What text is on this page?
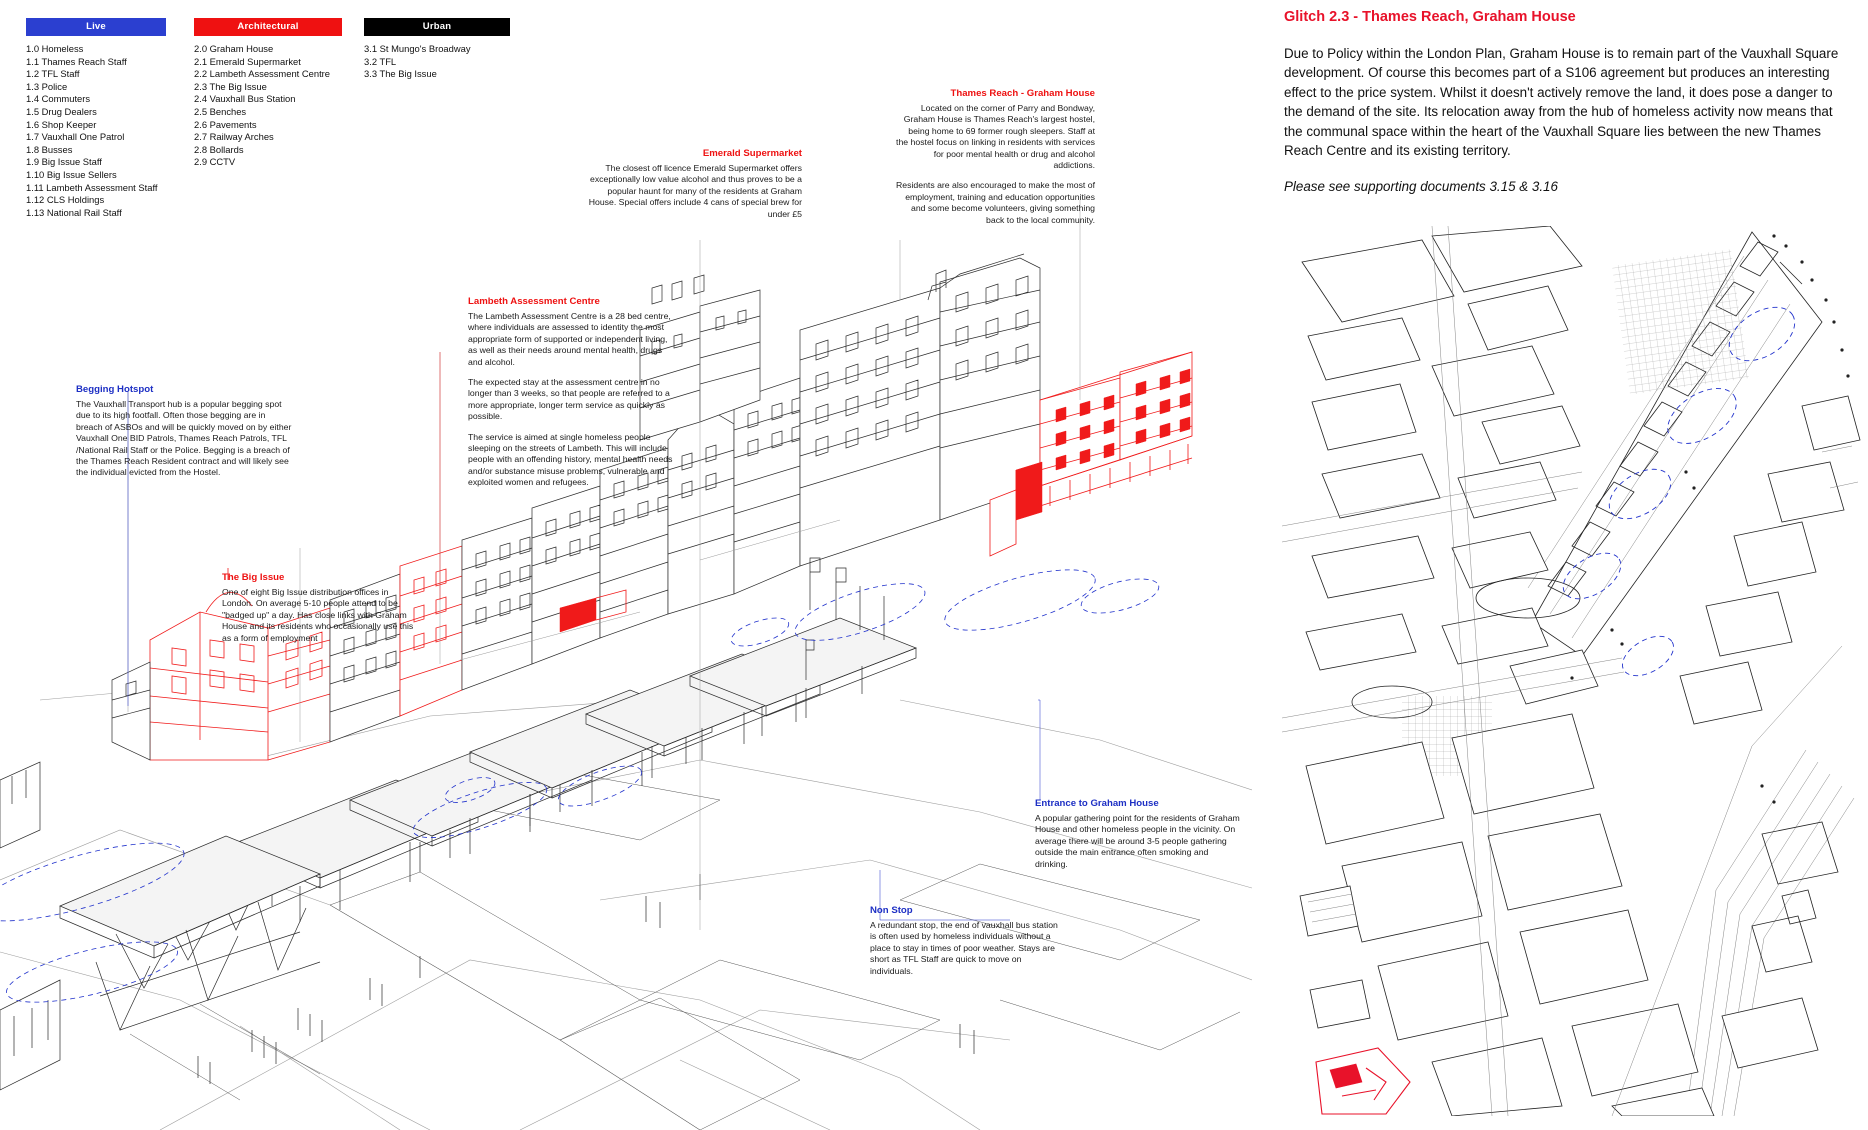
Live
1.0 Homeless
1.1 Thames Reach Staff
1.2 TFL Staff
1.3 Police
1.4 Commuters
1.5 Drug Dealers
1.6 Shop Keeper
1.7 Vauxhall One Patrol
1.8 Busses
1.9 Big Issue Staff
1.10 Big Issue Sellers
1.11 Lambeth Assessment Staff
1.12 CLS Holdings
1.13 National Rail Staff
Architectural
2.0 Graham House
2.1 Emerald Supermarket
2.2 Lambeth Assessment Centre
2.3 The Big Issue
2.4 Vauxhall Bus Station
2.5 Benches
2.6 Pavements
2.7 Railway Arches
2.8 Bollards
2.9 CCTV
Urban
3.1 St Mungo's Broadway
3.2 TFL
3.3 The Big Issue
Thames Reach - Graham House

Located on the corner of Parry and Bondway, Graham House is Thames Reach's largest hostel, being home to 69 former rough sleepers. Staff at the hostel focus on linking in residents with services for poor mental health or drug and alcohol addictions.

Residents are also encouraged to make the most of employment, training and education opportunities and some become volunteers, giving something back to the local community.

Emerald Supermarket

The closest off licence Emerald Supermarket offers exceptionally low value alcohol and thus proves to be a popular haunt for many of the residents at Graham House. Special offers include 4 cans of special brew for under £5

Lambeth Assessment Centre

The Lambeth Assessment Centre is a 28 bed centre, where individuals are assessed to identity the most appropriate form of supported or independent living, as well as their needs around mental health, drugs and alcohol.

The expected stay at the assessment centre in no longer than 3 weeks, so that people are referred to a more appropriate, longer term service as quickly as possible.

The service is aimed at single homeless people sleeping on the streets of Lambeth. This will include people with an offending history, mental health needs and/or substance misuse problems, vulnerable and exploited women and refugees.

Begging Hotspot

The Vauxhall Transport hub is a popular begging spot due to its high footfall. Often those begging are in breach of ASBOs and will be quickly moved on by either Vauxhall One BID Patrols, Thames Reach Patrols, TFL /National Rail Staff or the Police. Begging is a breach of the Thames Reach Resident contract and will likely see the individual evicted from the Hostel.

The Big Issue

One of eight Big Issue distribution offices in London. On average 5-10 people attend to be "badged up" a day. Has close links with Graham House and its residents who occasionally use this as a form of employment

Entrance to Graham House

A popular gathering point for the residents of Graham House and other homeless people in the vicinity. On average there will be around 3-5 people gathering outside the main entrance often smoking and drinking.

Non Stop

A redundant stop, the end of vauxhall bus station is often used by homeless individuals without a place to stay in times of poor weather. Stays are short as TFL Staff are quick to move on individuals.

Glitch 2.3 - Thames Reach, Graham House

Due to Policy within the London Plan, Graham House is to remain part of the Vauxhall Square development. Of course this becomes part of a S106 agreement but produces an interesting effect to the price system. Whilst it doesn't actively remove the land, it does pose a danger to the demand of the site. Its relocation away from the hub of homeless activity now means that the communal space within the heart of the Vauxhall Square lies between the new Thames Reach Centre and its existing territory.

Please see supporting documents 3.15 & 3.16
